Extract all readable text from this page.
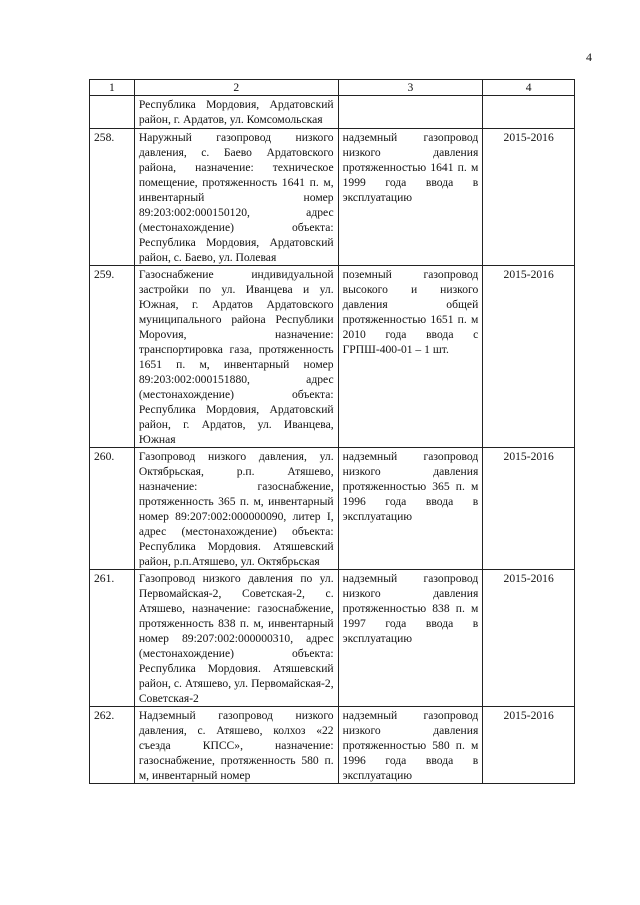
4
1	2	3	4
	Республика Мордовия, Ардатовский район, г. Ардатов, ул. Комсомольская		
258.	Наружный газопровод низкого давления, с. Баево Ардатовского района, назначение: техническое помещение, протяженность 1641 п. м, инвентарный номер 89:203:002:000150120, адрес (местонахождение) объекта: Республика Мордовия, Ардатовский район, с. Баево, ул. Полевая	надземный газопровод низкого давления протяженностью 1641 п. м 1999 года ввода в эксплуатацию	2015-2016
259.	Газоснабжение индивидуальной застройки по ул. Иванцева и ул. Южная, г. Ардатов Ардатовского муниципального района Республики Морovия, назначение: транспортировка газа, протяженность 1651 п. м, инвентарный номер 89:203:002:000151880, адрес (местонахождение) объекта: Республика Мордовия, Ардатовский район, г. Ардатов, ул. Иванцева, Южная	поземный газопровод высокого и низкого давления общей протяженностью 1651 п. м 2010 года ввода с ГРПШ-400-01 – 1 шт.	2015-2016
260.	Газопровод низкого давления, ул. Октябрьская, р.п. Атяшево, назначение: газоснабжение, протяженность 365 п. м, инвентарный номер 89:207:002:000000090, литер I, адрес (местонахождение) объекта: Республика Мордовия. Атяшевский район, р.п.Атяшево, ул. Октябрьская	надземный газопровод низкого давления протяженностью 365 п. м 1996 года ввода в эксплуатацию	2015-2016
261.	Газопровод низкого давления по ул. Первомайская-2, Советская-2, с. Атяшево, назначение: газоснабжение, протяженность 838 п. м, инвентарный номер 89:207:002:000000310, адрес (местонахождение) объекта: Республика Мордовия. Атяшевский район, с. Атяшево, ул. Первомайская-2, Советская-2	надземный газопровод низкого давления протяженностью 838 п. м 1997 года ввода в эксплуатацию	2015-2016
262.	Надземный газопровод низкого давления, с. Атяшево, колхоз «22 съезда КПСС», назначение: газоснабжение, протяженность 580 п. м, инвентарный номер	надземный газопровод низкого давления протяженностью 580 п. м 1996 года ввода в эксплуатацию	2015-2016
